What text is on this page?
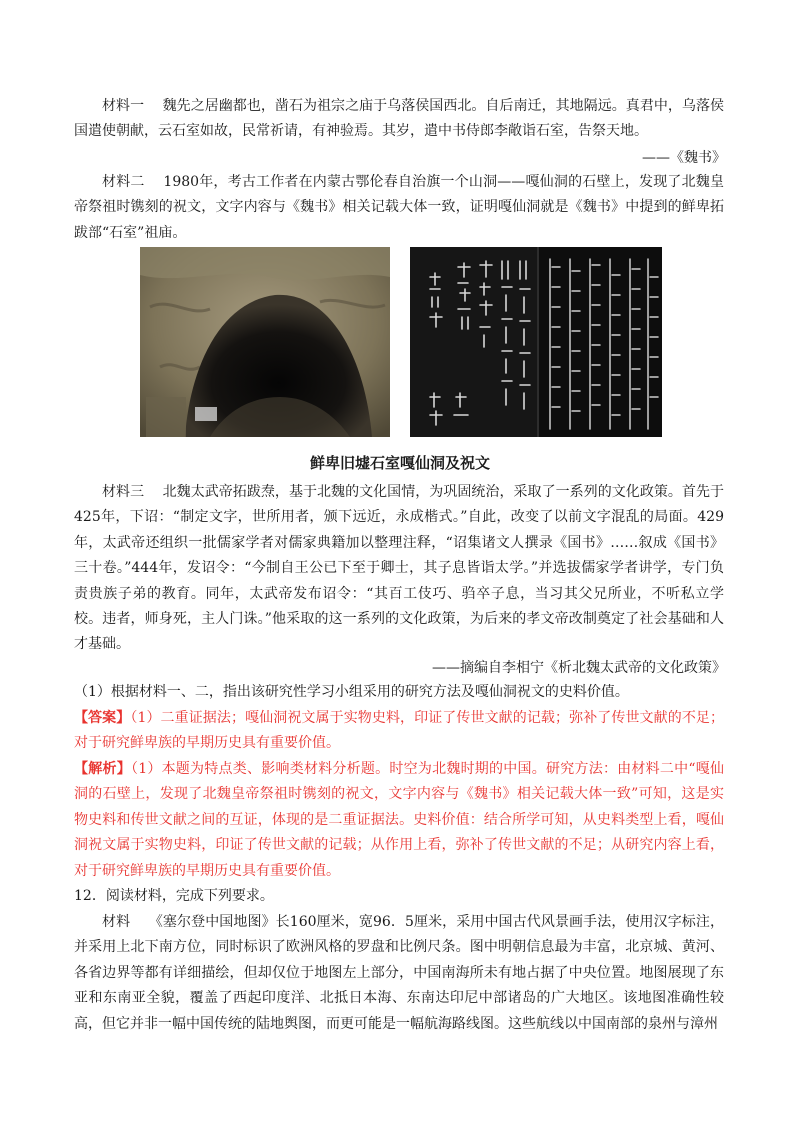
材料一　 魏先之居幽都也，凿石为祖宗之庙于乌落侯国西北。自后南迁，其地隔远。真君中，乌落侯国遣使朝献，云石室如故，民常祈请，有神验焉。其岁，遣中书侍郎李敞诣石室，告祭天地。

——《魏书》

材料二　 1980年，考古工作者在内蒙古鄂伦春自治旗一个山洞——嘎仙洞的石壁上，发现了北魏皇帝祭祖时镌刻的祝文，文字内容与《魏书》相关记载大体一致，证明嘎仙洞就是《魏书》中提到的鲜卑拓跋部“石室”祖庙。

鲜卑旧墟石室嘎仙洞及祝文

材料三　 北魏太武帝拓跋焘，基于北魏的文化国情，为巩固统治，采取了一系列的文化政策。首先于425年，下诏：“制定文字，世所用者，颁下远近，永成楷式。”自此，改变了以前文字混乱的局面。429年，太武帝还组织一批儒家学者对儒家典籍加以整理注释，“诏集诸文人撰录《国书》……叙成《国书》三十卷。”444年，发诏令：“今制自王公已下至于卿士，其子息皆诣太学。”并选拔儒家学者讲学，专门负责贵族子弟的教育。同年，太武帝发布诏令：“其百工伎巧、驺卒子息，当习其父兄所业，不听私立学校。违者，师身死，主人门诛。”他采取的这一系列的文化政策，为后来的孝文帝改制奠定了社会基础和人才基础。

——摘编自李相宁《析北魏太武帝的文化政策》

（1）根据材料一、二，指出该研究性学习小组采用的研究方法及嘎仙洞祝文的史料价值。

【答案】（1）二重证据法；嘎仙洞祝文属于实物史料，印证了传世文献的记载；弥补了传世文献的不足；对于研究鲜卑族的早期历史具有重要价值。

【解析】（1）本题为特点类、影响类材料分析题。时空为北魏时期的中国。研究方法：由材料二中“嘎仙洞的石壁上，发现了北魏皇帝祭祖时镌刻的祝文，文字内容与《魏书》相关记载大体一致”可知，这是实物史料和传世文献之间的互证，体现的是二重证据法。史料价值：结合所学可知，从史料类型上看，嘎仙洞祝文属于实物史料，印证了传世文献的记载；从作用上看，弥补了传世文献的不足；从研究内容上看，对于研究鲜卑族的早期历史具有重要价值。

12．阅读材料，完成下列要求。

材料　 《塞尔登中国地图》长160厘米，宽96．5厘米，采用中国古代风景画手法，使用汉字标注，并采用上北下南方位，同时标识了欧洲风格的罗盘和比例尺条。图中明朝信息最为丰富，北京城、黄河、各省边界等都有详细描绘，但却仅位于地图左上部分，中国南海所未有地占据了中央位置。地图展现了东亚和东南亚全貌，覆盖了西起印度洋、北抵日本海、东南达印尼中部诸岛的广大地区。该地图准确性较高，但它并非一幅中国传统的陆地舆图，而更可能是一幅航海路线图。这些航线以中国南部的泉州与漳州
